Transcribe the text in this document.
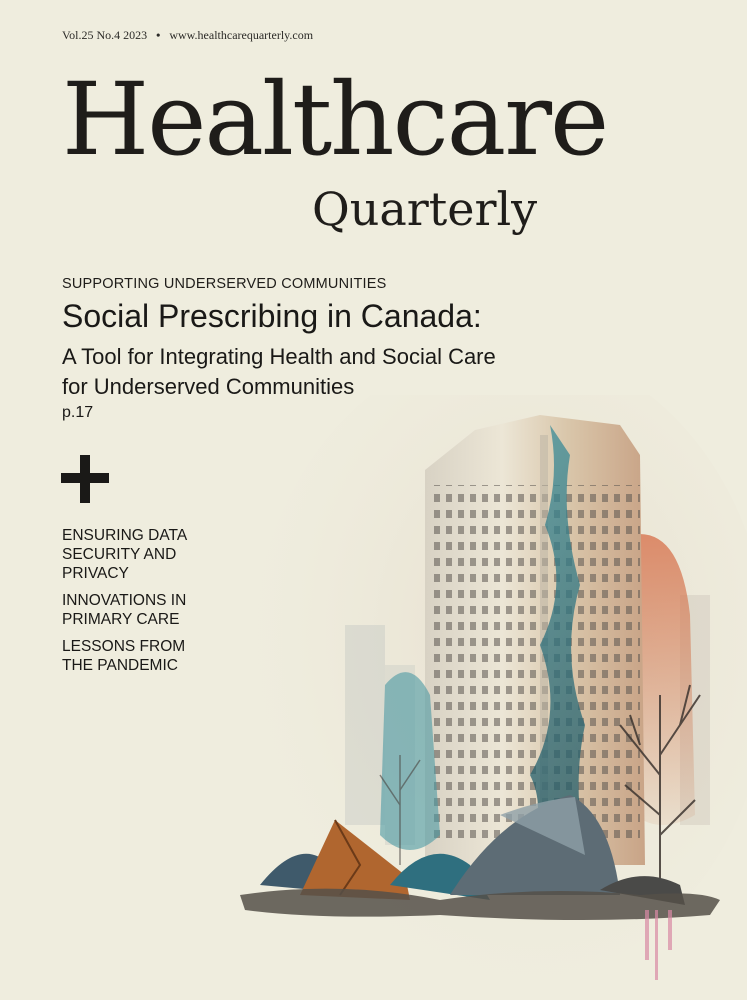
Vol.25 No.4 2023 • www.healthcarequarterly.com
Healthcare
Quarterly
SUPPORTING UNDERSERVED COMMUNITIES
Social Prescribing in Canada:
A Tool for Integrating Health and Social Care
for Underserved Communities
p.17
ENSURING DATA
SECURITY AND
PRIVACY
INNOVATIONS IN
PRIMARY CARE
LESSONS FROM
THE PANDEMIC
